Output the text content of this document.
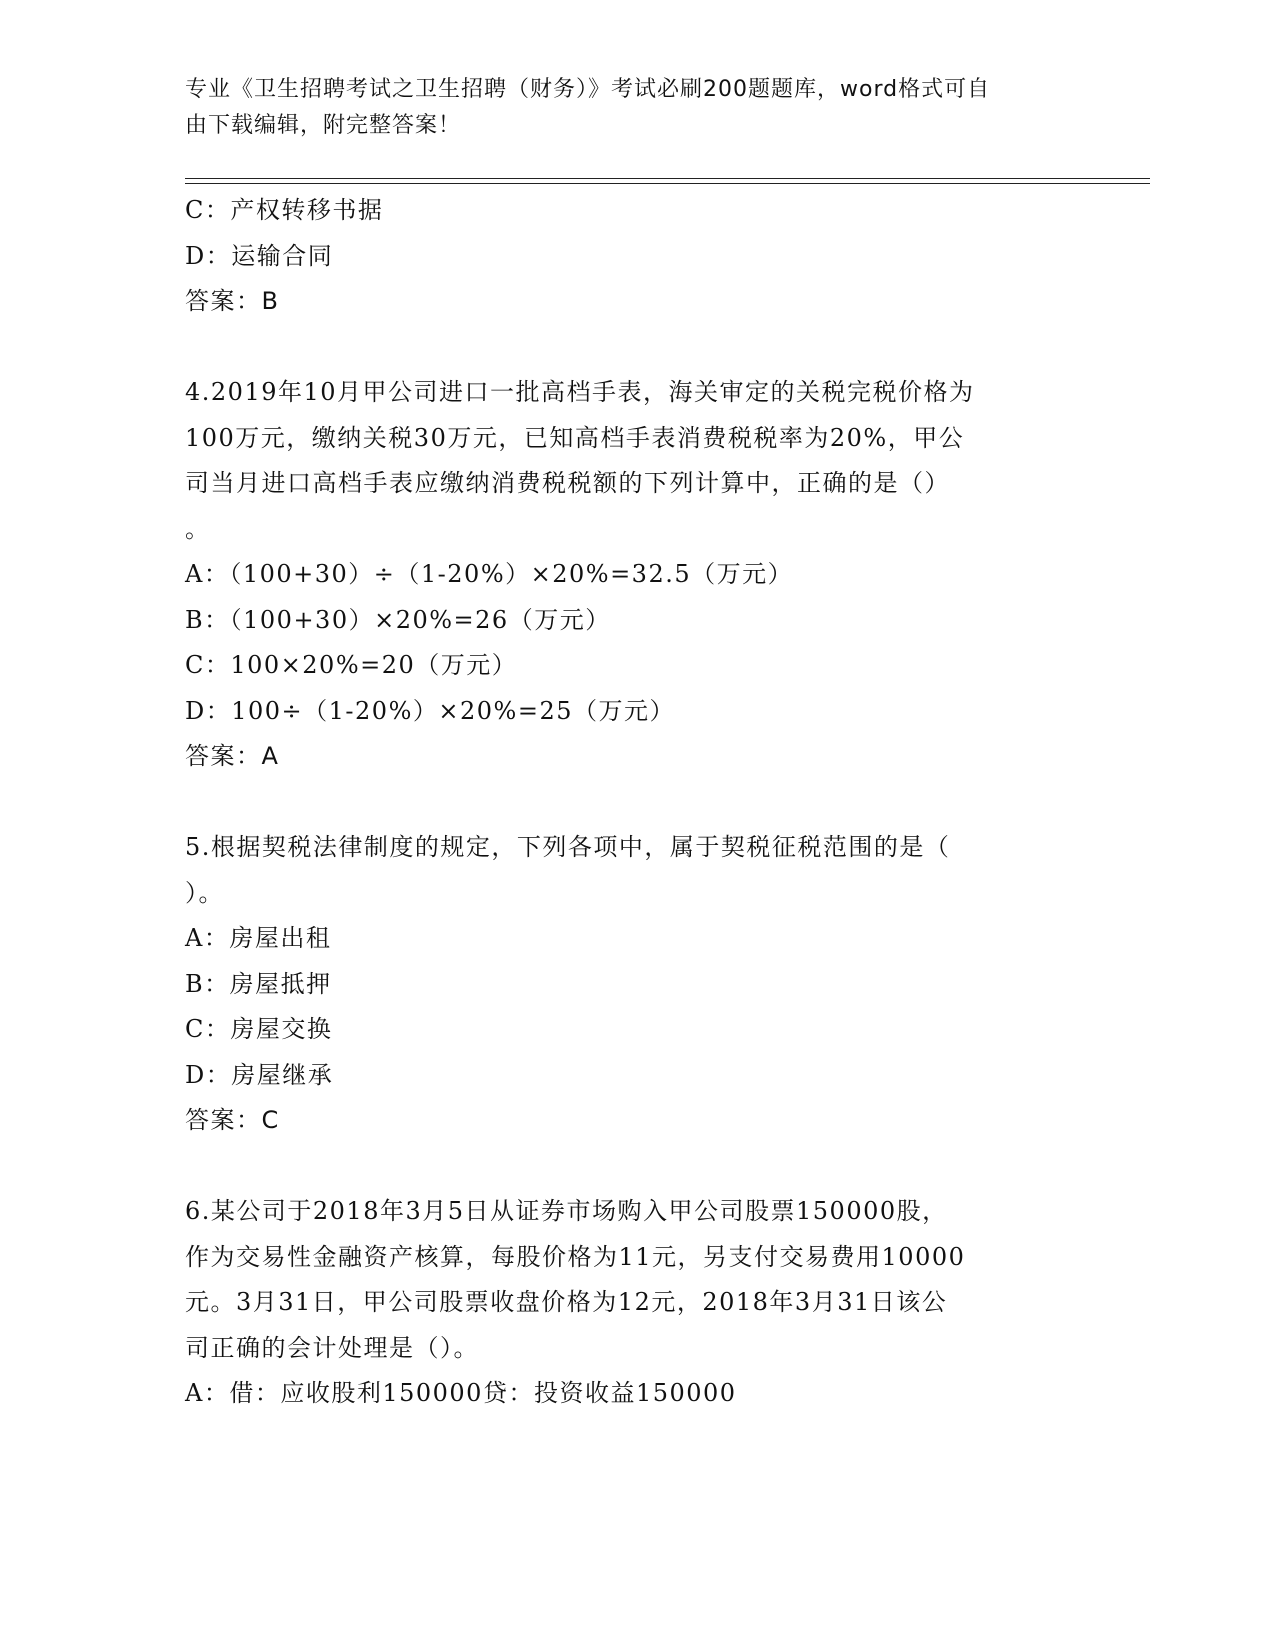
专业《卫生招聘考试之卫生招聘（财务）》考试必刷200题题库，word格式可自
由下载编辑，附完整答案！
C：产权转移书据
D：运输合同
答案：B
4.2019年10月甲公司进口一批高档手表，海关审定的关税完税价格为
100万元，缴纳关税30万元，已知高档手表消费税税率为20%，甲公
司当月进口高档手表应缴纳消费税税额的下列计算中，正确的是（）
。
A：（100+30）÷（1-20%）×20%=32.5（万元）
B：（100+30）×20%=26（万元）
C：100×20%=20（万元）
D：100÷（1-20%）×20%=25（万元）
答案：A
5.根据契税法律制度的规定，下列各项中，属于契税征税范围的是（
）。
A：房屋出租
B：房屋抵押
C：房屋交换
D：房屋继承
答案：C
6.某公司于2018年3月5日从证券市场购入甲公司股票150000股，
作为交易性金融资产核算，每股价格为11元，另支付交易费用10000
元。3月31日，甲公司股票收盘价格为12元，2018年3月31日该公
司正确的会计处理是（）。
A：借：应收股利150000贷：投资收益150000
